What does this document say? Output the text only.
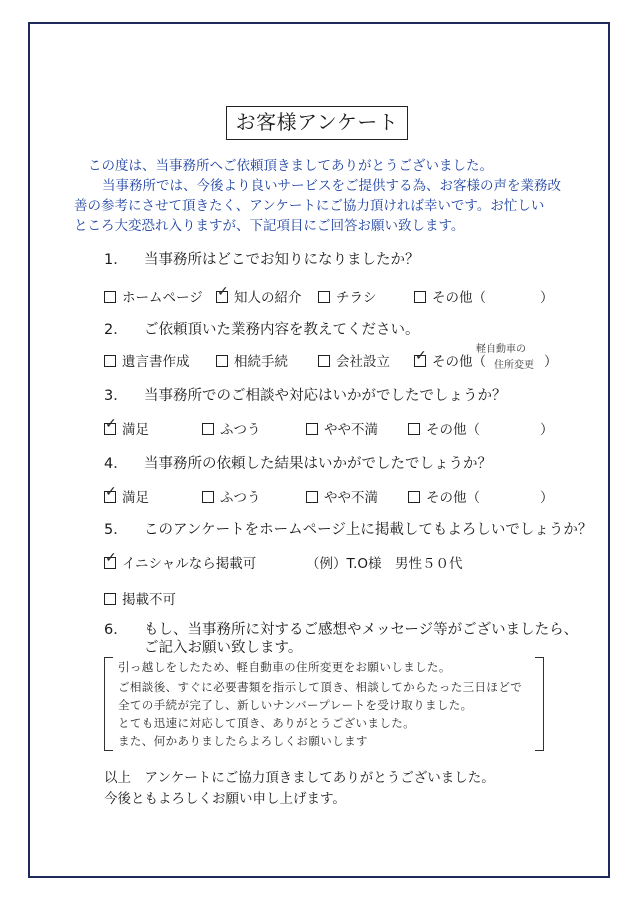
お客様アンケート
この度は、当事務所へご依頼頂きましてありがとうございました。
当事務所では、今後より良いサービスをご提供する為、お客様の声を業務改
善の参考にさせて頂きたく、アンケートにご協力頂ければ幸いです。お忙しい
ところ大変恐れ入りますが、下記項目にご回答お願い致します。
1． 当事務所はどこでお知りになりましたか？
ホームページ ✓ 知人の紹介	チラシ	その他（	）
2． ご依頼頂いた業務内容を教えてください。
遺言書作成	相続手続	会社設立 ✓ その他（
軽自動車の
住所変更 ）
3． 当事務所でのご相談や対応はいかがでしたでしょうか？
✓ 満足	ふつう	やや不満	その他（	）
4． 当事務所の依頼した結果はいかがでしたでしょうか？
✓ 満足	ふつう	やや不満	その他（	）
5． このアンケートをホームページ上に掲載してもよろしいでしょうか？
✓ イニシャルなら掲載可	（例）T.O様　男性５０代
掲載不可
6． もし、当事務所に対するご感想やメッセージ等がございましたら、
ご記入お願い致します。
引っ越しをしたため、軽自動車の住所変更をお願いしました。
ご相談後、すぐに必要書類を指示して頂き、相談してからたった三日ほどで
全ての手続が完了し、新しいナンバープレートを受け取りました。
とても迅速に対応して頂き、ありがとうございました。
また、何かありましたらよろしくお願いします
以上　アンケートにご協力頂きましてありがとうございました。
今後ともよろしくお願い申し上げます。
